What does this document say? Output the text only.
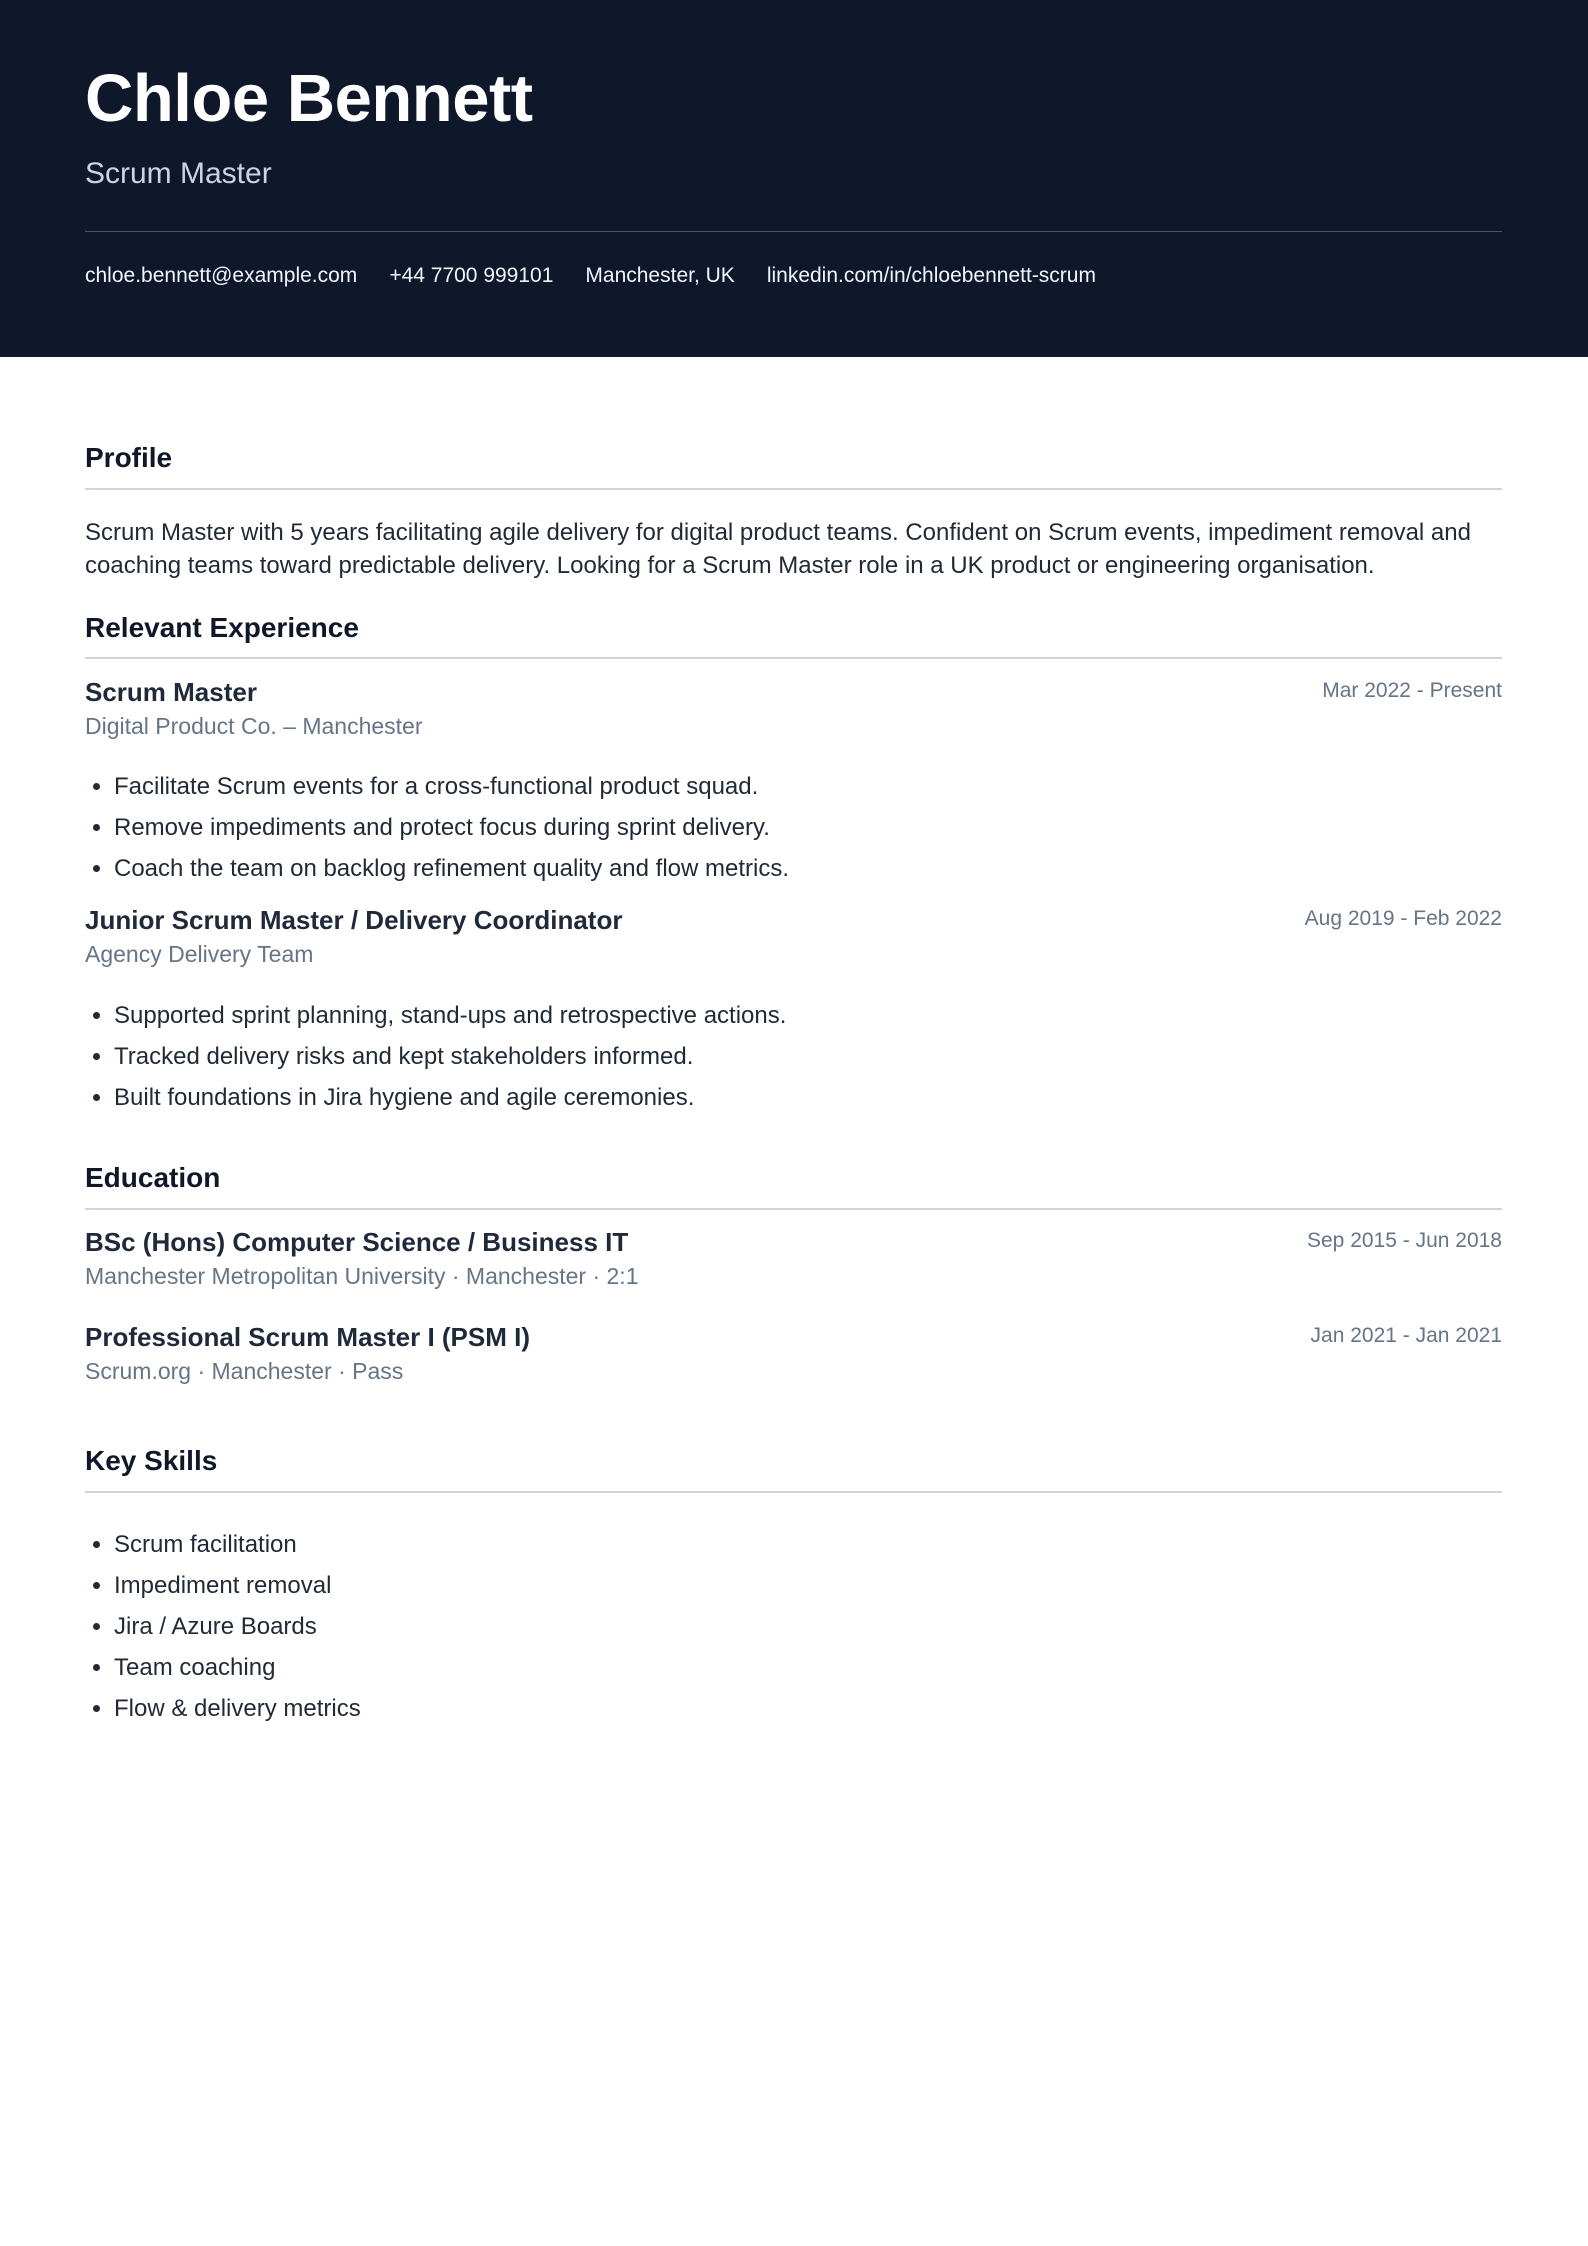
Chloe Bennett
Scrum Master
chloe.bennett@example.com +44 7700 999101 Manchester, UK linkedin.com/in/chloebennett-scrum
Profile
Scrum Master with 5 years facilitating agile delivery for digital product teams. Confident on Scrum events, impediment removal and coaching teams toward predictable delivery. Looking for a Scrum Master role in a UK product or engineering organisation.
Relevant Experience
Scrum Master
Digital Product Co. – Manchester
Mar 2022 - Present
• Facilitate Scrum events for a cross-functional product squad.
• Remove impediments and protect focus during sprint delivery.
• Coach the team on backlog refinement quality and flow metrics.
Junior Scrum Master / Delivery Coordinator
Agency Delivery Team
Aug 2019 - Feb 2022
• Supported sprint planning, stand-ups and retrospective actions.
• Tracked delivery risks and kept stakeholders informed.
• Built foundations in Jira hygiene and agile ceremonies.
Education
BSc (Hons) Computer Science / Business IT
Manchester Metropolitan University · Manchester · 2:1
Sep 2015 - Jun 2018
Professional Scrum Master I (PSM I)
Scrum.org · Manchester · Pass
Jan 2021 - Jan 2021
Key Skills
• Scrum facilitation
• Impediment removal
• Jira / Azure Boards
• Team coaching
• Flow & delivery metrics
